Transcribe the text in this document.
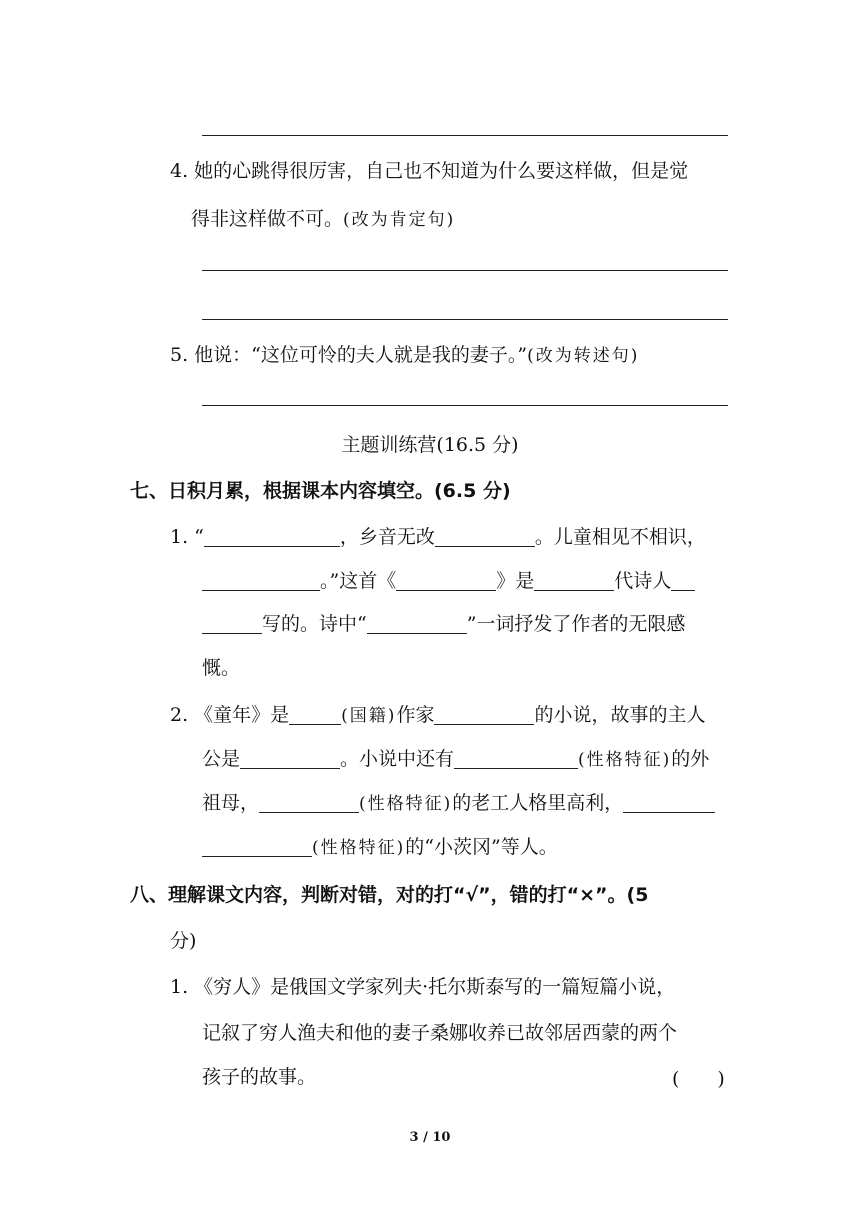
4. 她的心跳得很厉害，自己也不知道为什么要这样做，但是觉
得非这样做不可。(改为肯定句)
5. 他说：“这位可怜的夫人就是我的妻子。”(改为转述句)
主题训练营(16.5 分)
七、日积月累，根据课本内容填空。(6.5 分)
1. “	，乡音无改	。儿童相见不相识，
。”这首《	》是	代诗人
写的。诗中“	”一词抒发了作者的无限感
慨。
2. 《童年》是	(国籍)作家	的小说，故事的主人
公是	。小说中还有	(性格特征)的外
祖母，	(性格特征)的老工人格里高利，
(性格特征)的“小茨冈”等人。
八、理解课文内容，判断对错，对的打“√”，错的打“×”。(5
分)
1. 《穷人》是俄国文学家列夫·托尔斯泰写的一篇短篇小说，
记叙了穷人渔夫和他的妻子桑娜收养已故邻居西蒙的两个
孩子的故事。	(　　)
3 / 10
